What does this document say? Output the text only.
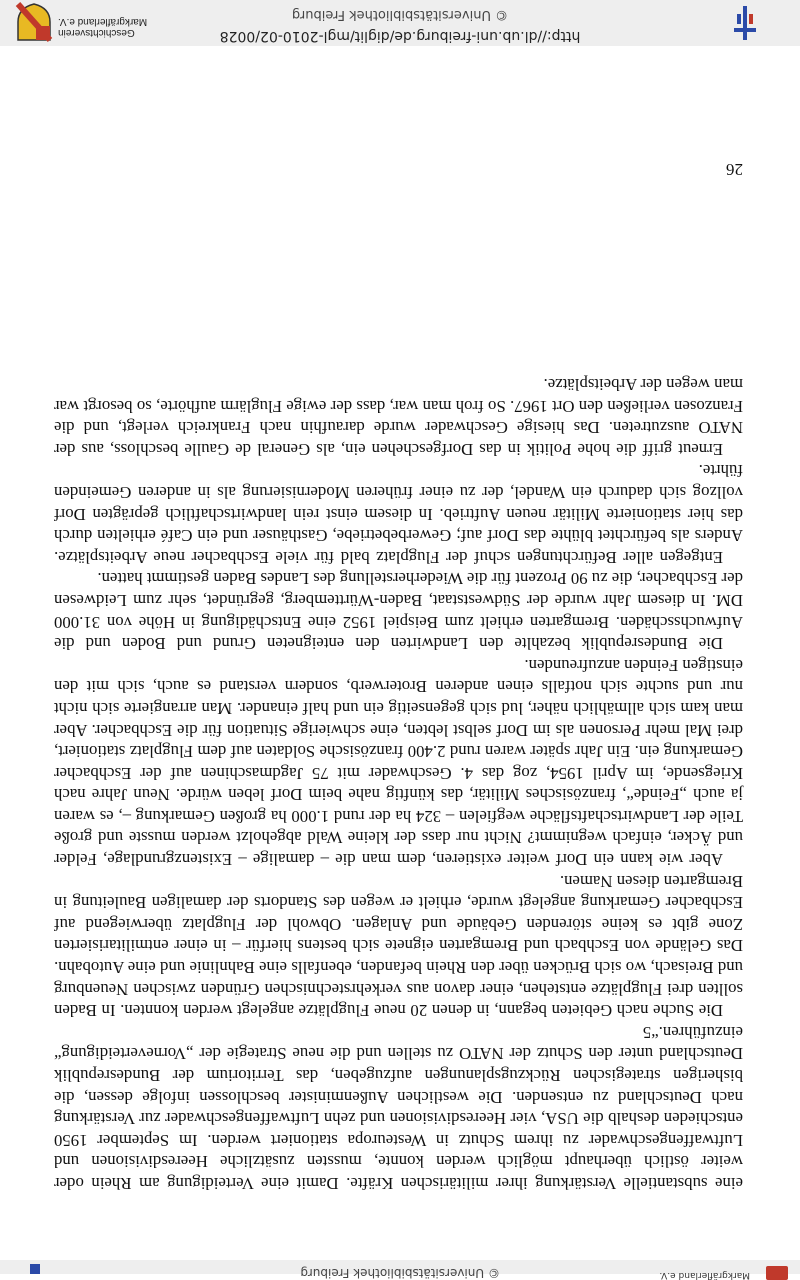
Markgräflerland e.V.
© Universitätsbibliothek Freiburg

eine substantielle Verstärkung ihrer militärischen Kräfte. Damit eine Verteidigung am Rhein oder weiter östlich überhaupt möglich werden konnte, mussten zusätzliche Heeresdivisionen und Luftwaffengeschwader zu ihrem Schutz in Westeuropa stationiert werden. Im September 1950 entschieden deshalb die USA, vier Heeresdivisionen und zehn Luftwaffengeschwader zur Verstärkung nach Deutschland zu entsenden. Die westlichen Außenminister beschlossen infolge dessen, die bisherigen strategischen Rückzugsplanungen aufzugeben, das Territorium der Bundesrepublik Deutschland unter den Schutz der NATO zu stellen und die neue Strategie der „Vorneverteidigung“ einzuführen.“5

Die Suche nach Gebieten begann, in denen 20 neue Flugplätze angelegt werden konnten. In Baden sollten drei Flugplätze entstehen, einer davon aus verkehrstechnischen Gründen zwischen Neuenburg und Breisach, wo sich Brücken über den Rhein befanden, ebenfalls eine Bahnlinie und eine Autobahn. Das Gelände von Eschbach und Bremgarten eignete sich bestens hierfür – in einer entmilitarisierten Zone gibt es keine störenden Gebäude und Anlagen. Obwohl der Flugplatz überwiegend auf Eschbacher Gemarkung angelegt wurde, erhielt er wegen des Standorts der damaligen Bauleitung in Bremgarten diesen Namen.

Aber wie kann ein Dorf weiter existieren, dem man die – damalige – Existenzgrundlage, Felder und Äcker, einfach wegnimmt? Nicht nur dass der kleine Wald abgeholzt werden musste und große Teile der Landwirtschaftsfläche wegfielen – 324 ha der rund 1.000 ha großen Gemarkung –, es waren ja auch „Feinde“, französisches Militär, das künftig nahe beim Dorf leben würde. Neun Jahre nach Kriegsende, im April 1954, zog das 4. Geschwader mit 75 Jagdmaschinen auf der Eschbacher Gemarkung ein. Ein Jahr später waren rund 2.400 französische Soldaten auf dem Flugplatz stationiert, drei Mal mehr Personen als im Dorf selbst lebten, eine schwierige Situation für die Eschbacher. Aber man kam sich allmählich näher, lud sich gegenseitig ein und half einander. Man arrangierte sich nicht nur und suchte sich notfalls einen anderen Broterwerb, sondern verstand es auch, sich mit den einstigen Feinden anzufreunden.

Die Bundesrepublik bezahlte den Landwirten den enteigneten Grund und Boden und die Aufwuchsschäden. Bremgarten erhielt zum Beispiel 1952 eine Entschädigung in Höhe von 31.000 DM. In diesem Jahr wurde der Südweststaat, Baden-Württemberg, gegründet, sehr zum Leidwesen der Eschbacher, die zu 90 Prozent für die Wiederherstellung des Landes Baden gestimmt hatten.

Entgegen aller Befürchtungen schuf der Flugplatz bald für viele Eschbacher neue Arbeitsplätze. Anders als befürchtet blühte das Dorf auf; Gewerbebetriebe, Gasthäuser und ein Café erhielten durch das hier stationierte Militär neuen Auftrieb. In diesem einst rein landwirtschaftlich geprägten Dorf vollzog sich dadurch ein Wandel, der zu einer früheren Modernisierung als in anderen Gemeinden führte.

Erneut griff die hohe Politik in das Dorfgeschehen ein, als General de Gaulle beschloss, aus der NATO auszutreten. Das hiesige Geschwader wurde daraufhin nach Frankreich verlegt, und die Franzosen verließen den Ort 1967. So froh man war, dass der ewige Fluglärm aufhörte, so besorgt war man wegen der Arbeitsplätze.

26
http://dl.ub.uni-freiburg.de/diglit/mgl-2010-02/0028
© Universitätsbibliothek Freiburg
Geschichtsverein
Markgräflerland e.V.
